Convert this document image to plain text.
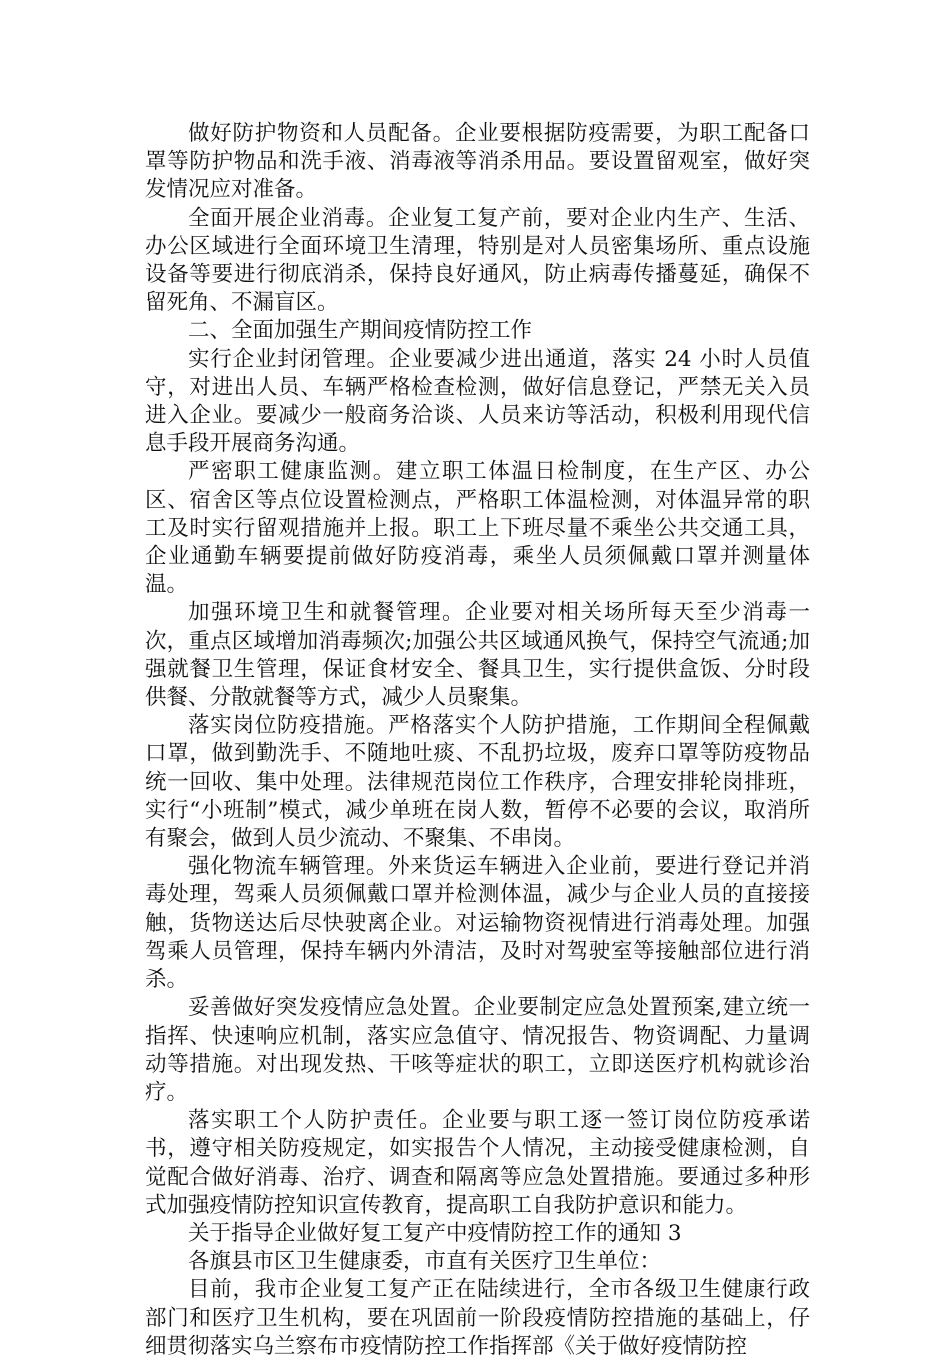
做好防护物资和人员配备。企业要根据防疫需要，为职工配备口罩等防护物品和洗手液、消毒液等消杀用品。要设置留观室，做好突发情况应对准备。

全面开展企业消毒。企业复工复产前，要对企业内生产、生活、办公区域进行全面环境卫生清理，特别是对人员密集场所、重点设施设备等要进行彻底消杀，保持良好通风，防止病毒传播蔓延，确保不留死角、不漏盲区。

二、全面加强生产期间疫情防控工作

实行企业封闭管理。企业要减少进出通道，落实 24 小时人员值守，对进出人员、车辆严格检查检测，做好信息登记，严禁无关入员进入企业。要减少一般商务洽谈、人员来访等活动，积极利用现代信息手段开展商务沟通。

严密职工健康监测。建立职工体温日检制度，在生产区、办公区、宿舍区等点位设置检测点，严格职工体温检测，对体温异常的职工及时实行留观措施并上报。职工上下班尽量不乘坐公共交通工具，企业通勤车辆要提前做好防疫消毒，乘坐人员须佩戴口罩并测量体温。

加强环境卫生和就餐管理。企业要对相关场所每天至少消毒一次，重点区域增加消毒频次;加强公共区域通风换气，保持空气流通;加强就餐卫生管理，保证食材安全、餐具卫生，实行提供盒饭、分时段供餐、分散就餐等方式，减少人员聚集。

落实岗位防疫措施。严格落实个人防护措施，工作期间全程佩戴口罩，做到勤洗手、不随地吐痰、不乱扔垃圾，废弃口罩等防疫物品统一回收、集中处理。法律规范岗位工作秩序，合理安排轮岗排班，实行“小班制”模式，减少单班在岗人数，暂停不必要的会议，取消所有聚会，做到人员少流动、不聚集、不串岗。

强化物流车辆管理。外来货运车辆进入企业前，要进行登记并消毒处理，驾乘人员须佩戴口罩并检测体温，减少与企业人员的直接接触，货物送达后尽快驶离企业。对运输物资视情进行消毒处理。加强驾乘人员管理，保持车辆内外清洁，及时对驾驶室等接触部位进行消杀。

妥善做好突发疫情应急处置。企业要制定应急处置预案,建立统一指挥、快速响应机制，落实应急值守、情况报告、物资调配、力量调动等措施。对出现发热、干咳等症状的职工，立即送医疗机构就诊治疗。

落实职工个人防护责任。企业要与职工逐一签订岗位防疫承诺书，遵守相关防疫规定，如实报告个人情况，主动接受健康检测，自觉配合做好消毒、治疗、调查和隔离等应急处置措施。要通过多种形式加强疫情防控知识宣传教育，提高职工自我防护意识和能力。

关于指导企业做好复工复产中疫情防控工作的通知 3

各旗县市区卫生健康委，市直有关医疗卫生单位：

目前，我市企业复工复产正在陆续进行，全市各级卫生健康行政部门和医疗卫生机构，要在巩固前一阶段疫情防控措施的基础上，仔细贯彻落实乌兰察布市疫情防控工作指挥部《关于做好疫情防控
